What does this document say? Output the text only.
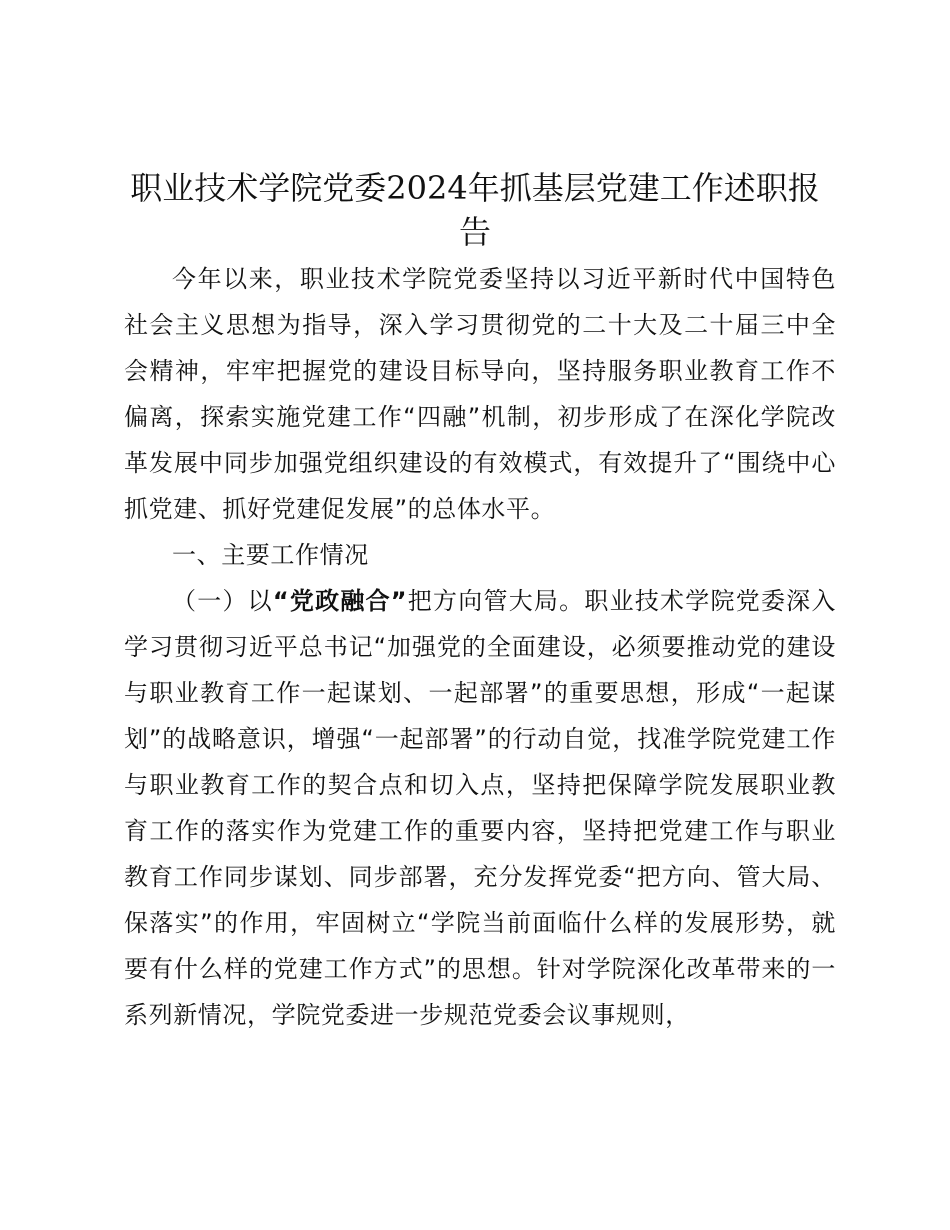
职业技术学院党委2024年抓基层党建工作述职报告

今年以来，职业技术学院党委坚持以习近平新时代中国特色社会主义思想为指导，深入学习贯彻党的二十大及二十届三中全会精神，牢牢把握党的建设目标导向，坚持服务职业教育工作不偏离，探索实施党建工作“四融”机制，初步形成了在深化学院改革发展中同步加强党组织建设的有效模式，有效提升了“围绕中心抓党建、抓好党建促发展”的总体水平。

一、主要工作情况

（一）以“党政融合”把方向管大局。职业技术学院党委深入学习贯彻习近平总书记“加强党的全面建设，必须要推动党的建设与职业教育工作一起谋划、一起部署”的重要思想，形成“一起谋划”的战略意识，增强“一起部署”的行动自觉，找准学院党建工作与职业教育工作的契合点和切入点，坚持把保障学院发展职业教育工作的落实作为党建工作的重要内容，坚持把党建工作与职业教育工作同步谋划、同步部署，充分发挥党委“把方向、管大局、保落实”的作用，牢固树立“学院当前面临什么样的发展形势，就要有什么样的党建工作方式”的思想。针对学院深化改革带来的一系列新情况，学院党委进一步规范党委会议事规则，
